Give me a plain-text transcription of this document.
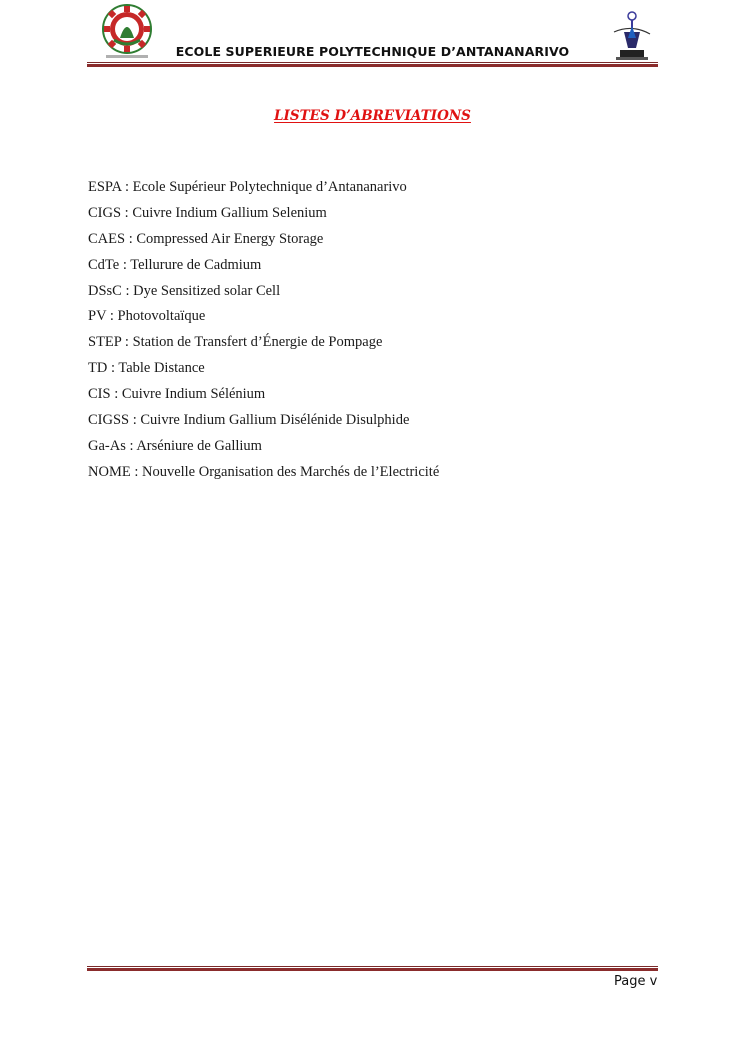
ECOLE SUPERIEURE POLYTECHNIQUE D’ANTANANARIVO
LISTES D’ABREVIATIONS
ESPA : Ecole Supérieur Polytechnique d’Antananarivo
CIGS : Cuivre Indium Gallium Selenium
CAES : Compressed Air Energy Storage
CdTe : Tellurure de Cadmium
DSsC : Dye Sensitized solar Cell
PV : Photovoltaïque
STEP : Station de Transfert d’Énergie de Pompage
TD : Table Distance
CIS : Cuivre Indium Sélénium
CIGSS : Cuivre Indium Gallium Disélénide Disulphide
Ga-As : Arséniure de Gallium
NOME : Nouvelle Organisation des Marchés de l’Electricité
Page v
